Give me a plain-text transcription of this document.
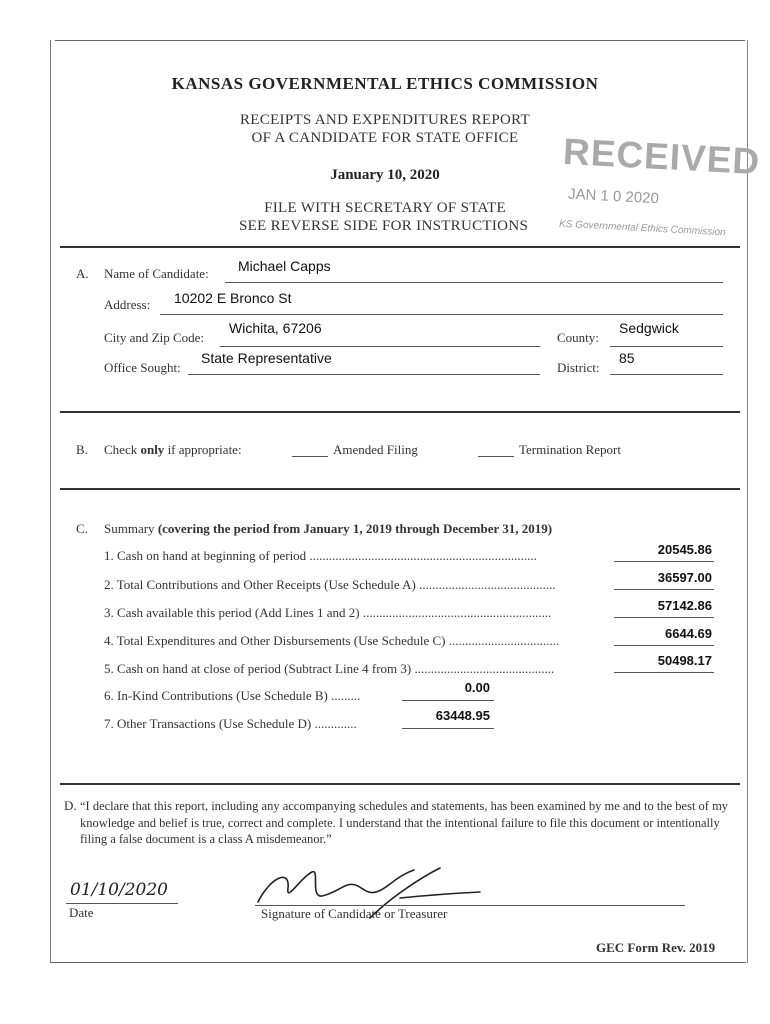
KANSAS GOVERNMENTAL ETHICS COMMISSION
RECEIPTS AND EXPENDITURES REPORT
OF A CANDIDATE FOR STATE OFFICE
January 10, 2020
FILE WITH SECRETARY OF STATE
SEE REVERSE SIDE FOR INSTRUCTIONS
RECEIVED
JAN 1 0 2020
KS Governmental Ethics Commission
A. Name of Candidate: Michael Capps
Address: 10202 E Bronco St
City and Zip Code:
Wichita, 67206
County:
Sedgwick
Office Sought:
State Representative
District:
85
B. Check only if appropriate:	Amended Filing	Termination Report
C. Summary (covering the period from January 1, 2019 through December 31, 2019)
1. Cash on hand at beginning of period ......................................................................	20545.86
2. Total Contributions and Other Receipts (Use Schedule A) ..........................................	36597.00
3. Cash available this period (Add Lines 1 and 2) ..........................................................	57142.86
4. Total Expenditures and Other Disbursements (Use Schedule C) ..................................	6644.69
5. Cash on hand at close of period (Subtract Line 4 from 3) ...........................................
50498.17
6. In-Kind Contributions (Use Schedule B) .........
0.00
7. Other Transactions (Use Schedule D) .............
63448.95
D. “I declare that this report, including any accompanying schedules and statements, has been examined by me and to the best of my knowledge and belief is true, correct and complete. I understand that the intentional failure to file this document or intentionally filing a false document is a class A misdemeanor.”
01/10/2020
Date	Signature of Candidate or Treasurer
GEC Form Rev. 2019
